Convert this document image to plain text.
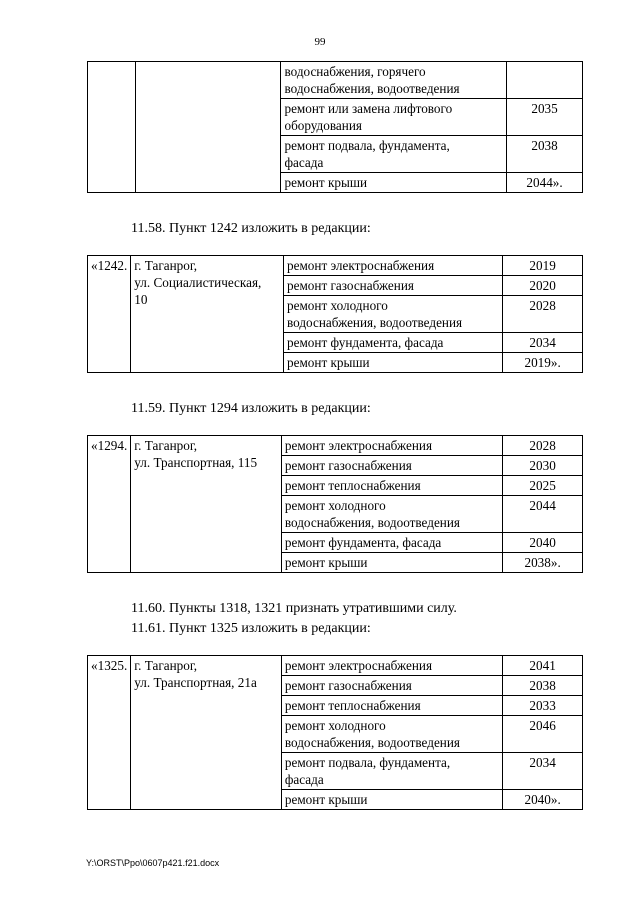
99

		водоснабжения, горячего
водоснабжения, водоотведения	

		ремонт или замена лифтового
оборудования	2035

		ремонт подвала, фундамента,
фасада	2038

		ремонт крыши	2044».
11.58. Пункт 1242 изложить в редакции:
«1242.	г. Таганрог,
ул. Социалистическая,
10	ремонт электроснабжения	2019

		ремонт газоснабжения	2020

		ремонт холодного
водоснабжения, водоотведения	2028

		ремонт фундамента, фасада	2034

		ремонт крыши	2019».
11.59. Пункт 1294 изложить в редакции:
«1294.	г. Таганрог,
ул. Транспортная, 115	ремонт электроснабжения	2028

		ремонт газоснабжения	2030

		ремонт теплоснабжения	2025

		ремонт холодного
водоснабжения, водоотведения	2044

		ремонт фундамента, фасада	2040

		ремонт крыши	2038».
11.60. Пункты 1318, 1321 признать утратившими силу.
11.61. Пункт 1325 изложить в редакции:
«1325.	г. Таганрог,
ул. Транспортная, 21а	ремонт электроснабжения	2041

		ремонт газоснабжения	2038

		ремонт теплоснабжения	2033

		ремонт холодного
водоснабжения, водоотведения	2046

		ремонт подвала, фундамента,
фасада	2034

		ремонт крыши	2040».
Y:\ORST\Ppo\0607p421.f21.docx
